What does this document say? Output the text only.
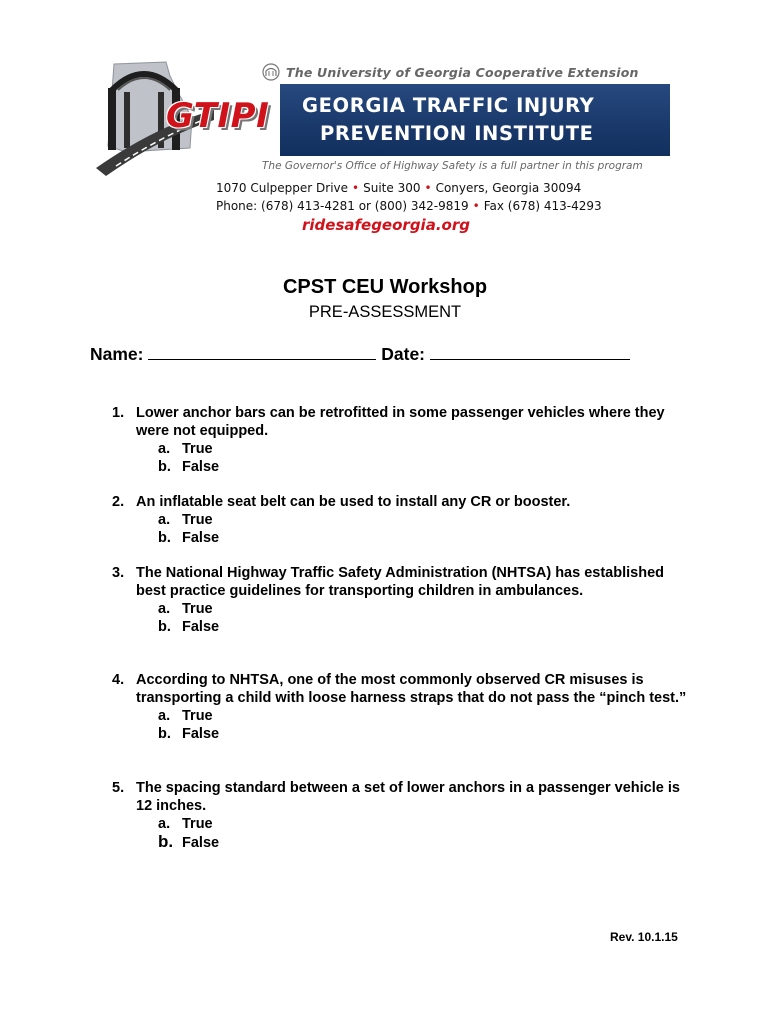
The University of Georgia Cooperative Extension
GEORGIA TRAFFIC INJURY
PREVENTION INSTITUTE
GTIPI
The Governor's Office of Highway Safety is a full partner in this program
1070 Culpepper Drive • Suite 300 • Conyers, Georgia 30094
Phone: (678) 413-4281 or (800) 342-9819 • Fax (678) 413-4293
ridesafegeorgia.org
CPST CEU Workshop
PRE-ASSESSMENT
Name:	Date:
1. Lower anchor bars can be retrofitted in some passenger vehicles where they were not equipped.
a. True
b. False
2. An inflatable seat belt can be used to install any CR or booster.
a. True
b. False
3. The National Highway Traffic Safety Administration (NHTSA) has established best practice guidelines for transporting children in ambulances.
a. True
b. False
4. According to NHTSA, one of the most commonly observed CR misuses is transporting a child with loose harness straps that do not pass the “pinch test.”
a. True
b. False
5. The spacing standard between a set of lower anchors in a passenger vehicle is 12 inches.
a. True
b. False
Rev. 10.1.15
